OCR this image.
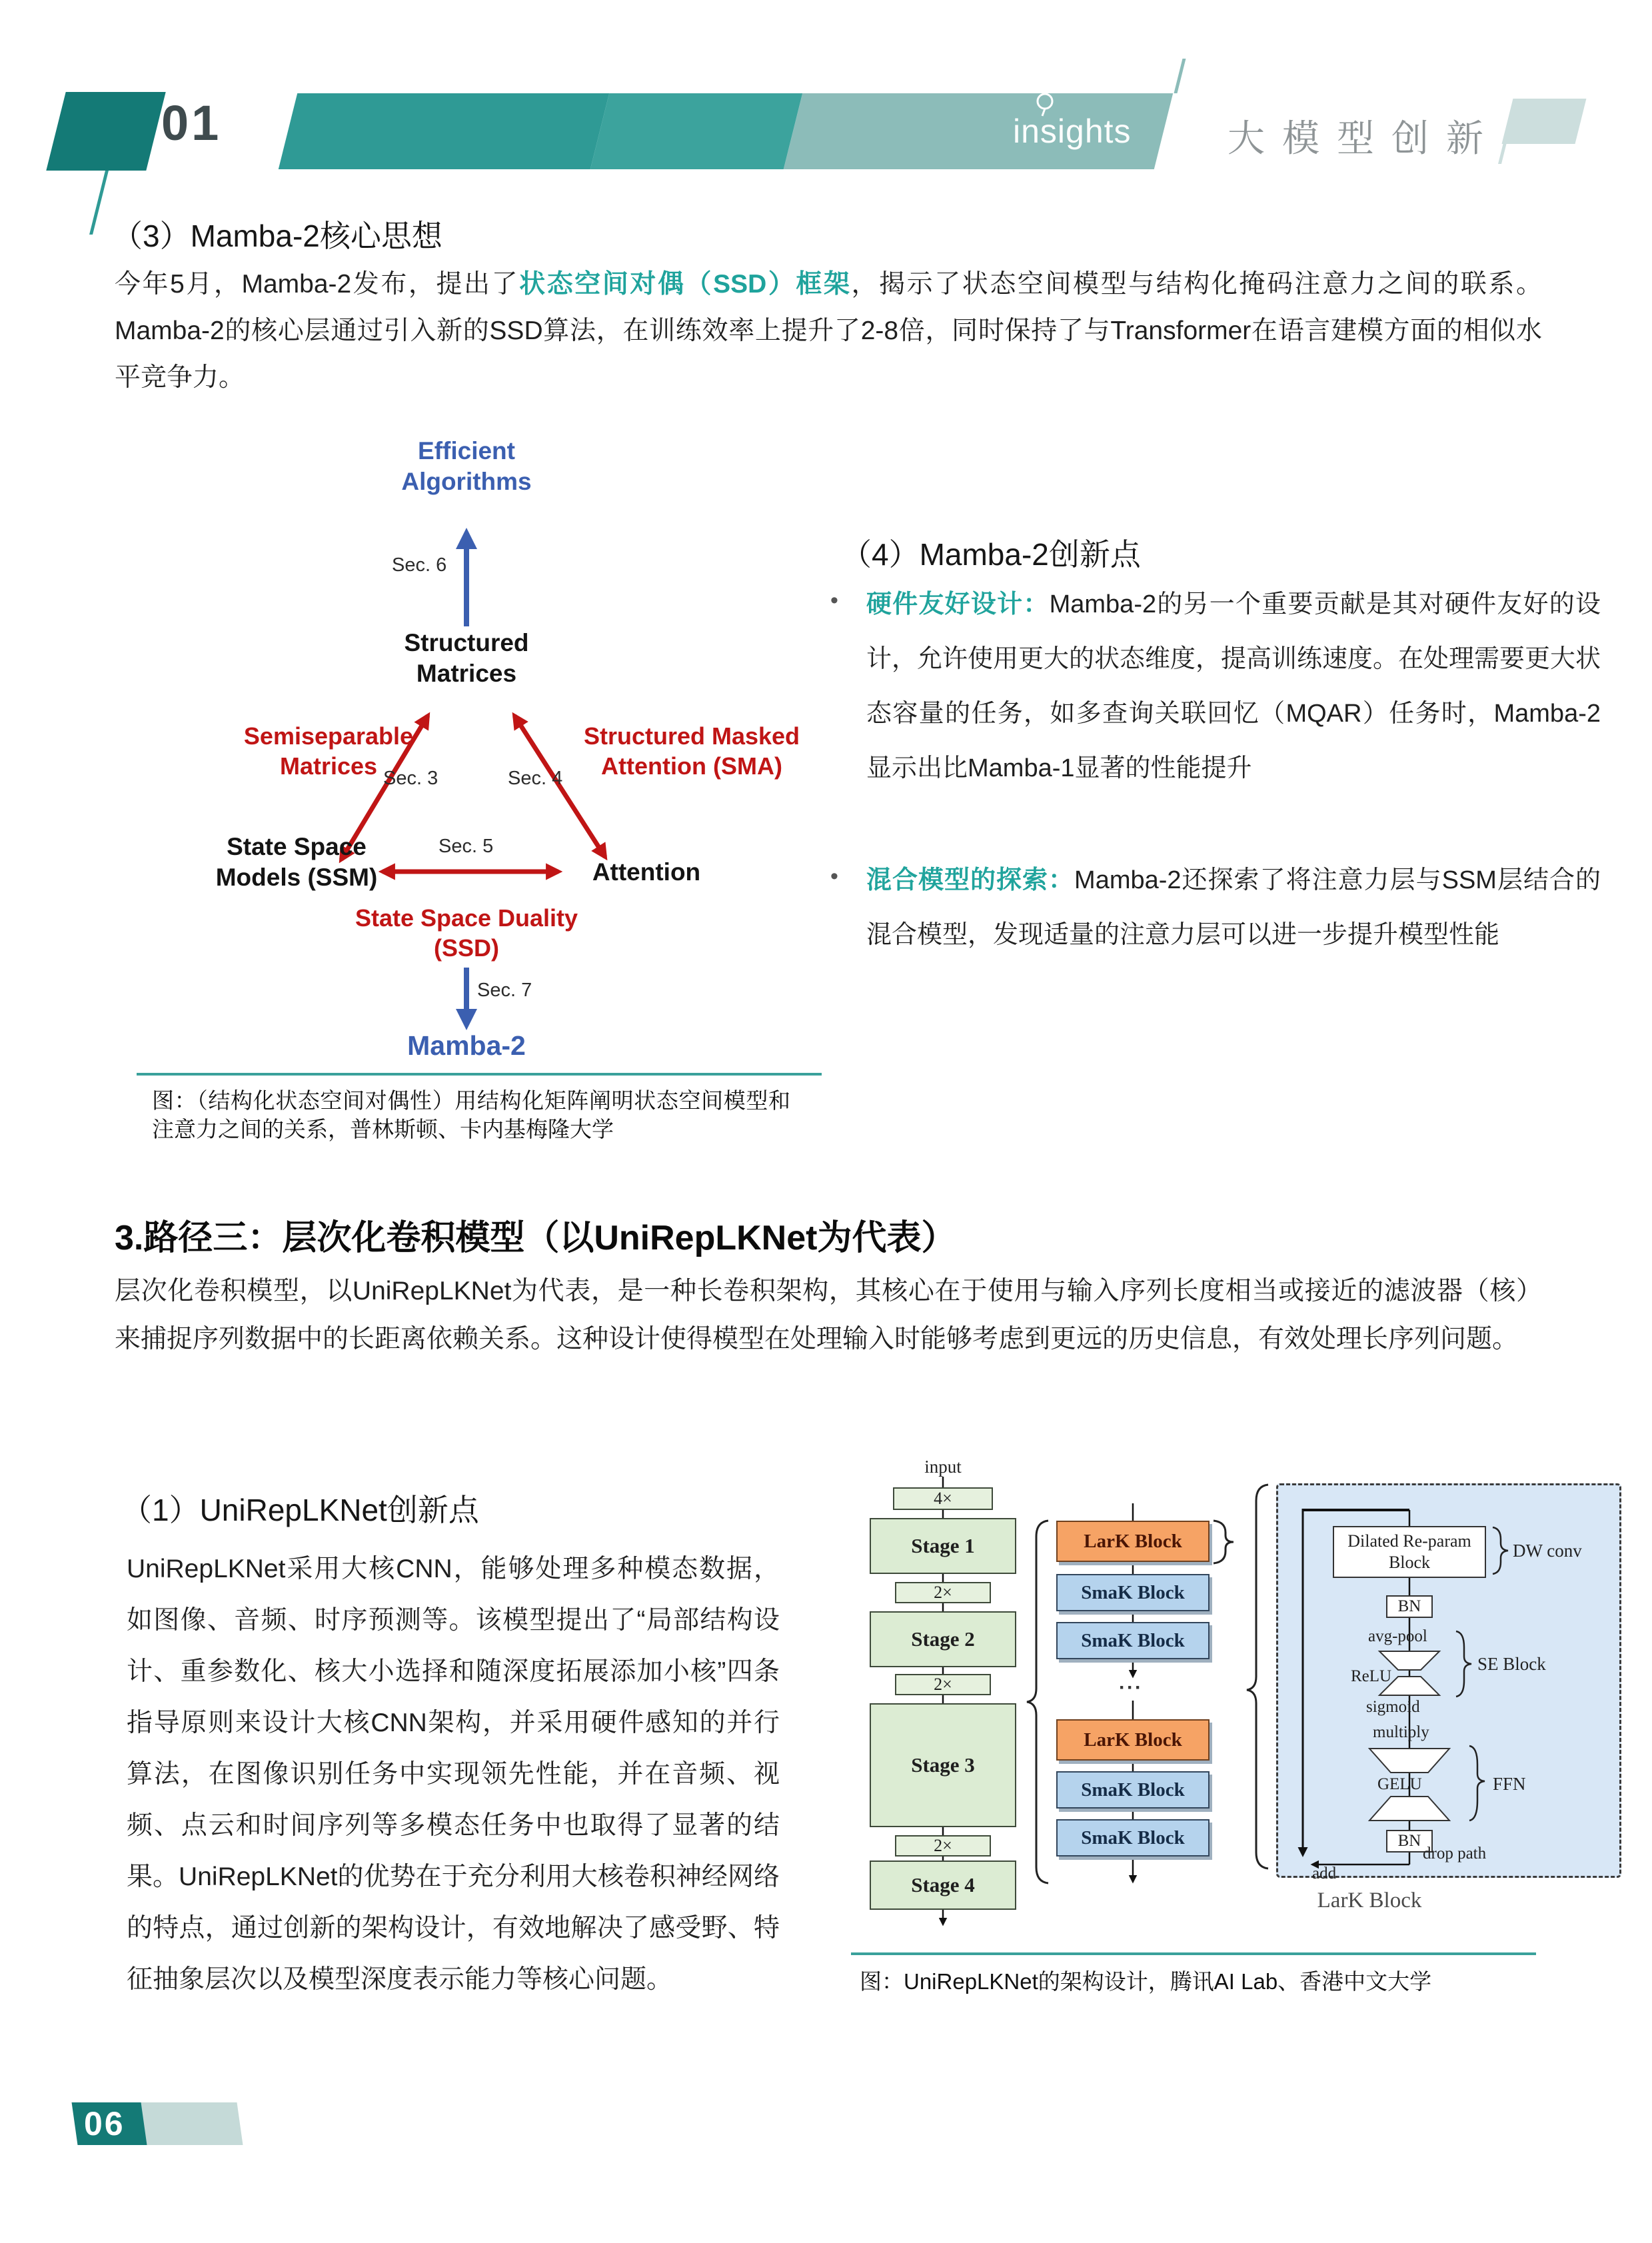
01	insights	大模型创新
（3）Mamba-2核心思想
今年5月，Mamba-2发布，提出了状态空间对偶（SSD）框架，揭示了状态空间模型与结构化掩码注意力之间的联系。Mamba-2的核心层通过引入新的SSD算法，在训练效率上提升了2-8倍，同时保持了与Transformer在语言建模方面的相似水平竞争力。
Efficient Algorithms
Sec. 6
Structured Matrices
Semiseparable Matrices Sec. 3
Structured Masked Attention (SMA)
Sec. 4
State Space Models (SSM)
Sec. 5
Attention
State Space Duality (SSD)
Sec. 7
Mamba-2
图：（结构化状态空间对偶性）用结构化矩阵阐明状态空间模型和注意力之间的关系，普林斯顿、卡内基梅隆大学
（4）Mamba-2创新点
• 硬件友好设计：Mamba-2的另一个重要贡献是其对硬件友好的设计，允许使用更大的状态维度，提高训练速度。在处理需要更大状态容量的任务，如多查询关联回忆（MQAR）任务时，Mamba-2显示出比Mamba-1显著的性能提升
• 混合模型的探索：Mamba-2还探索了将注意力层与SSM层结合的混合模型，发现适量的注意力层可以进一步提升模型性能
3.路径三：层次化卷积模型（以UniRepLKNet为代表）
层次化卷积模型，以UniRepLKNet为代表，是一种长卷积架构，其核心在于使用与输入序列长度相当或接近的滤波器（核）来捕捉序列数据中的长距离依赖关系。这种设计使得模型在处理输入时能够考虑到更远的历史信息，有效处理长序列问题。
（1）UniRepLKNet创新点
UniRepLKNet采用大核CNN，能够处理多种模态数据，如图像、音频、时序预测等。该模型提出了“局部结构设计、重参数化、核大小选择和随深度拓展添加小核”四条指导原则来设计大核CNN架构，并采用硬件感知的并行算法，在图像识别任务中实现领先性能，并在音频、视频、点云和时间序列等多模态任务中也取得了显著的结果。UniRepLKNet的优势在于充分利用大核卷积神经网络的特点，通过创新的架构设计，有效地解决了感受野、特征抽象层次以及模型深度表示能力等核心问题。
input
4×
Stage 1
2×
Stage 2
2×
Stage 3
2×
Stage 4
LarK Block
SmaK Block
SmaK Block
···
LarK Block
SmaK Block
SmaK Block
Dilated Re-param Block
DW conv
BN
avg-pool
ReLU
SE Block
sigmoid
multiply
GELU	FFN
BN
drop path
add
LarK Block
图：UniRepLKNet的架构设计，腾讯AI Lab、香港中文大学
06
